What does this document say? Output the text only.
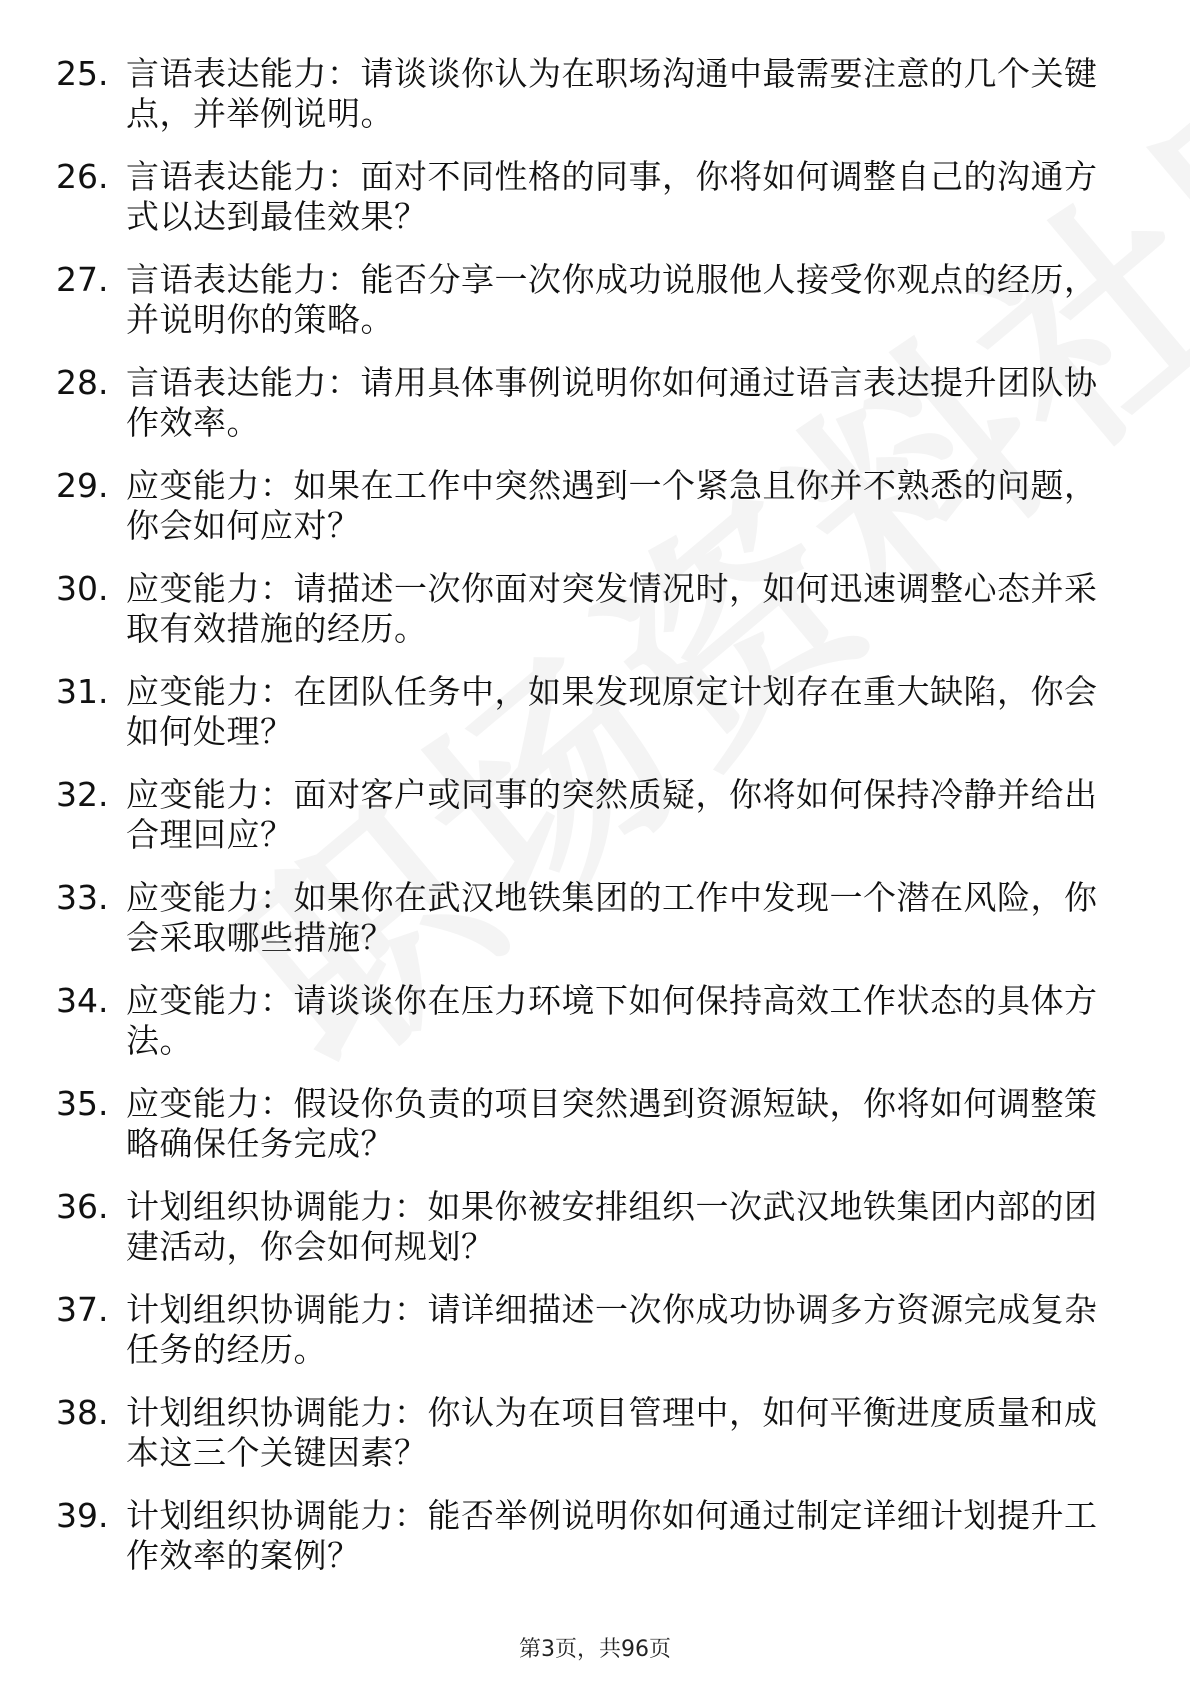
25. 言语表达能力：请谈谈你认为在职场沟通中最需要注意的几个关键点，并举例说明。
26. 言语表达能力：面对不同性格的同事，你将如何调整自己的沟通方式以达到最佳效果？
27. 言语表达能力：能否分享一次你成功说服他人接受你观点的经历，并说明你的策略。
28. 言语表达能力：请用具体事例说明你如何通过语言表达提升团队协作效率。
29. 应变能力：如果在工作中突然遇到一个紧急且你并不熟悉的问题，你会如何应对？
30. 应变能力：请描述一次你面对突发情况时，如何迅速调整心态并采取有效措施的经历。
31. 应变能力：在团队任务中，如果发现原定计划存在重大缺陷，你会如何处理？
32. 应变能力：面对客户或同事的突然质疑，你将如何保持冷静并给出合理回应？
33. 应变能力：如果你在武汉地铁集团的工作中发现一个潜在风险，你会采取哪些措施？
34. 应变能力：请谈谈你在压力环境下如何保持高效工作状态的具体方法。
35. 应变能力：假设你负责的项目突然遇到资源短缺，你将如何调整策略确保任务完成？
36. 计划组织协调能力：如果你被安排组织一次武汉地铁集团内部的团建活动，你会如何规划？
37. 计划组织协调能力：请详细描述一次你成功协调多方资源完成复杂任务的经历。
38. 计划组织协调能力：你认为在项目管理中，如何平衡进度质量和成本这三个关键因素？
39. 计划组织协调能力：能否举例说明你如何通过制定详细计划提升工作效率的案例？
第3页，共96页
